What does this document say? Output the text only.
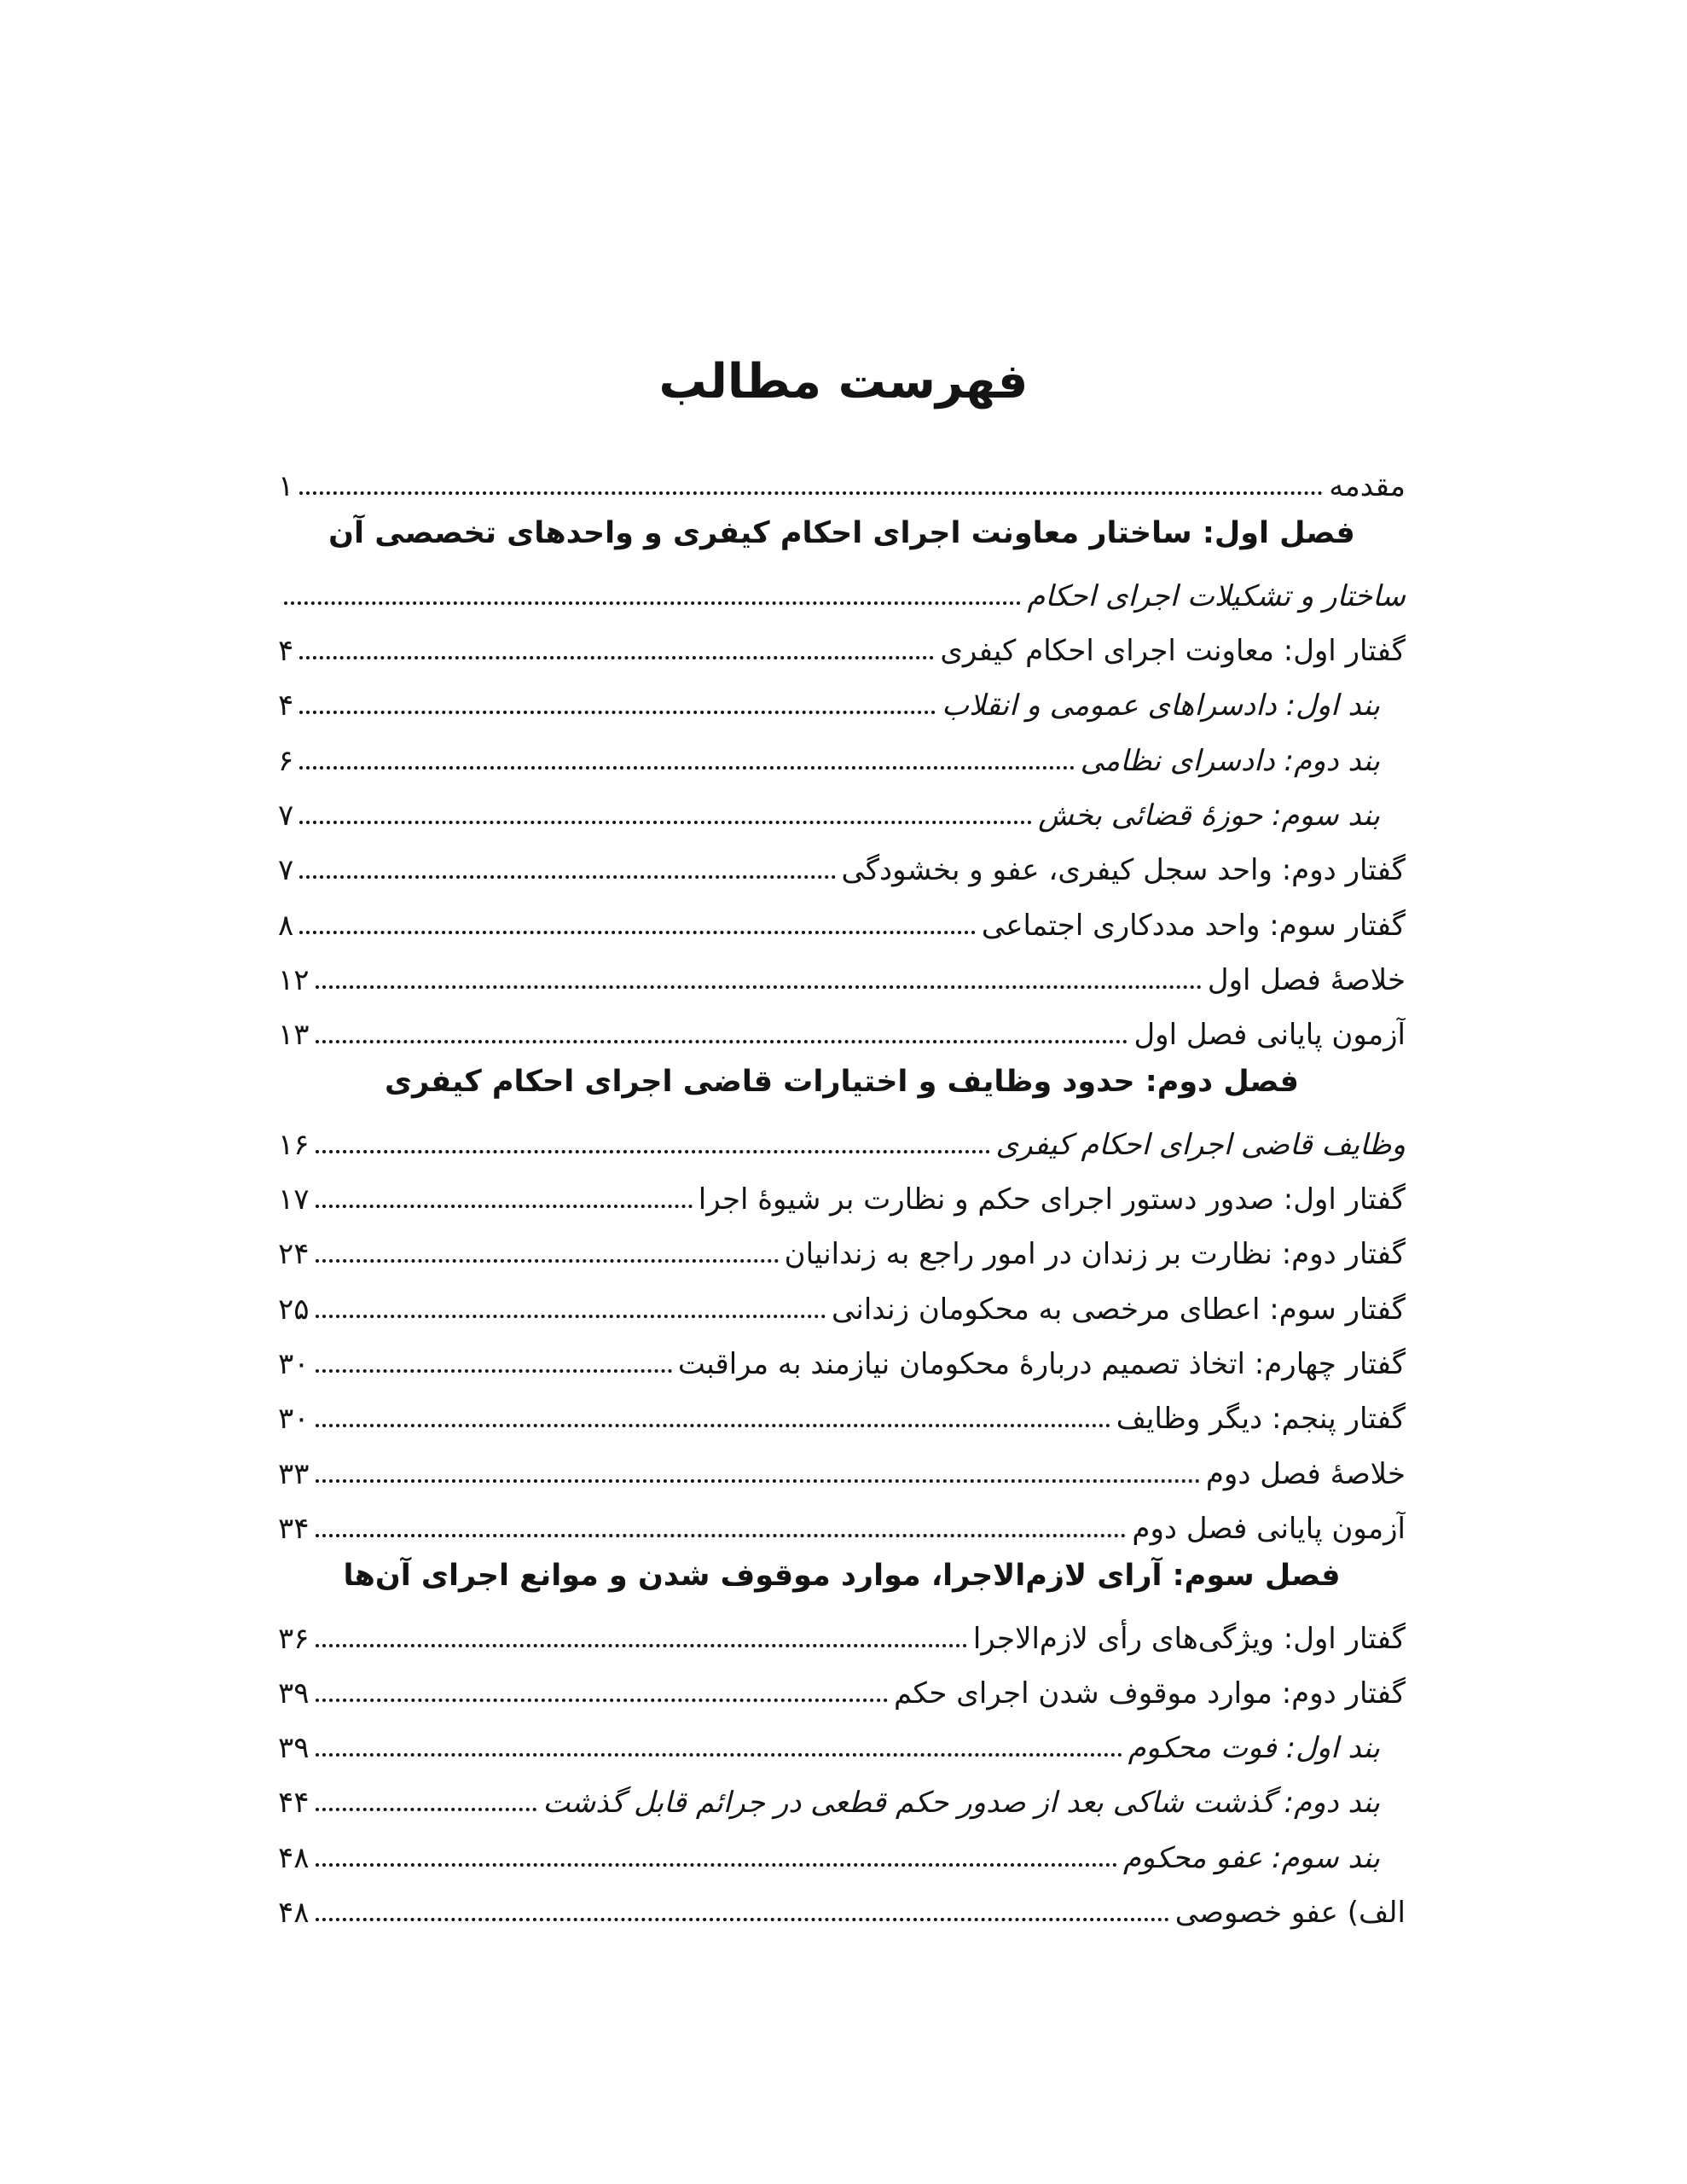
فهرست مطالب
مقدمه
۱
فصل اول: ساختار معاونت اجرای احکام کیفری و واحدهای تخصصی آن
ساختار و تشکیلات اجرای احکام
گفتار اول: معاونت اجرای احکام کیفری
۴
بند اول: دادسراهای عمومی و انقلاب
۴
بند دوم: دادسرای نظامی
۶
بند سوم: حوزهٔ قضائی بخش
۷
گفتار دوم: واحد سجل کیفری، عفو و بخشودگی
۷
گفتار سوم: واحد مددکاری اجتماعی
۸
خلاصهٔ فصل اول
۱۲
آزمون پایانی فصل اول
۱۳
فصل دوم: حدود وظایف و اختیارات قاضی اجرای احکام کیفری
وظایف قاضی اجرای احکام کیفری
۱۶
گفتار اول: صدور دستور اجرای حکم و نظارت بر شیوهٔ اجرا
۱۷
گفتار دوم: نظارت بر زندان در امور راجع به زندانیان
۲۴
گفتار سوم: اعطای مرخصی به محکومان زندانی
۲۵
گفتار چهارم: اتخاذ تصمیم دربارهٔ محکومان نیازمند به مراقبت
۳۰
گفتار پنجم: دیگر وظایف
۳۰
خلاصهٔ فصل دوم
۳۳
آزمون پایانی فصل دوم
۳۴
فصل سوم: آرای لازم‌الاجرا، موارد موقوف شدن و موانع اجرای آن‌ها
گفتار اول: ویژگی‌های رأی لازم‌الاجرا
۳۶
گفتار دوم: موارد موقوف شدن اجرای حکم
۳۹
بند اول: فوت محکوم
۳۹
بند دوم: گذشت شاکی بعد از صدور حکم قطعی در جرائم قابل گذشت
۴۴
بند سوم: عفو محکوم
۴۸
الف) عفو خصوصی
۴۸
